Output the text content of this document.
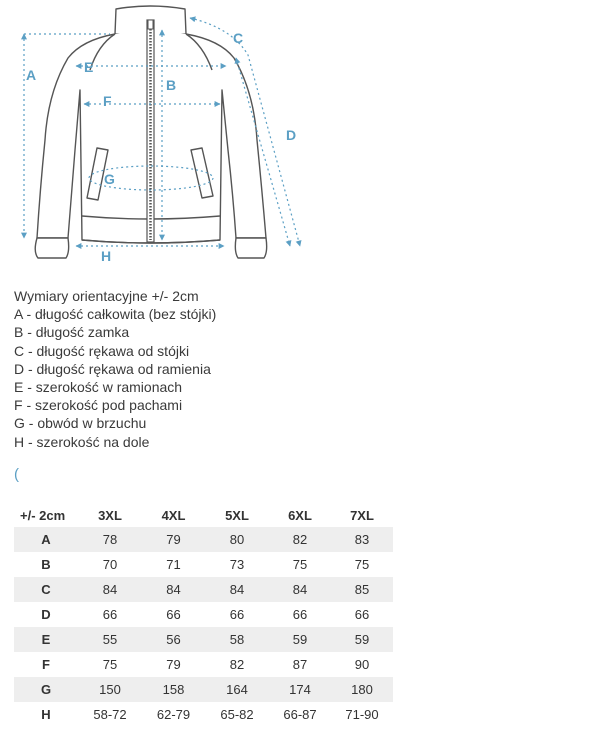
A	E
B
C
D
F
G
H
Wymiary orientacyjne +/- 2cm
A - długość całkowita (bez stójki)
B - długość zamka
C - długość rękawa od stójki
D - długość rękawa od ramienia
E - szerokość w ramionach
F - szerokość pod pachami
G - obwód w brzuchu
H - szerokość na dole
(
+/- 2cm	3XL	4XL	5XL	6XL	7XL
A	78	79	80	82	83
B	70	71	73	75	75
C	84	84	84	84	85
D	66	66	66	66	66
E	55	56	58	59	59
F	75	79	82	87	90
G	150	158	164	174	180
H	58-72	62-79	65-82	66-87	71-90
